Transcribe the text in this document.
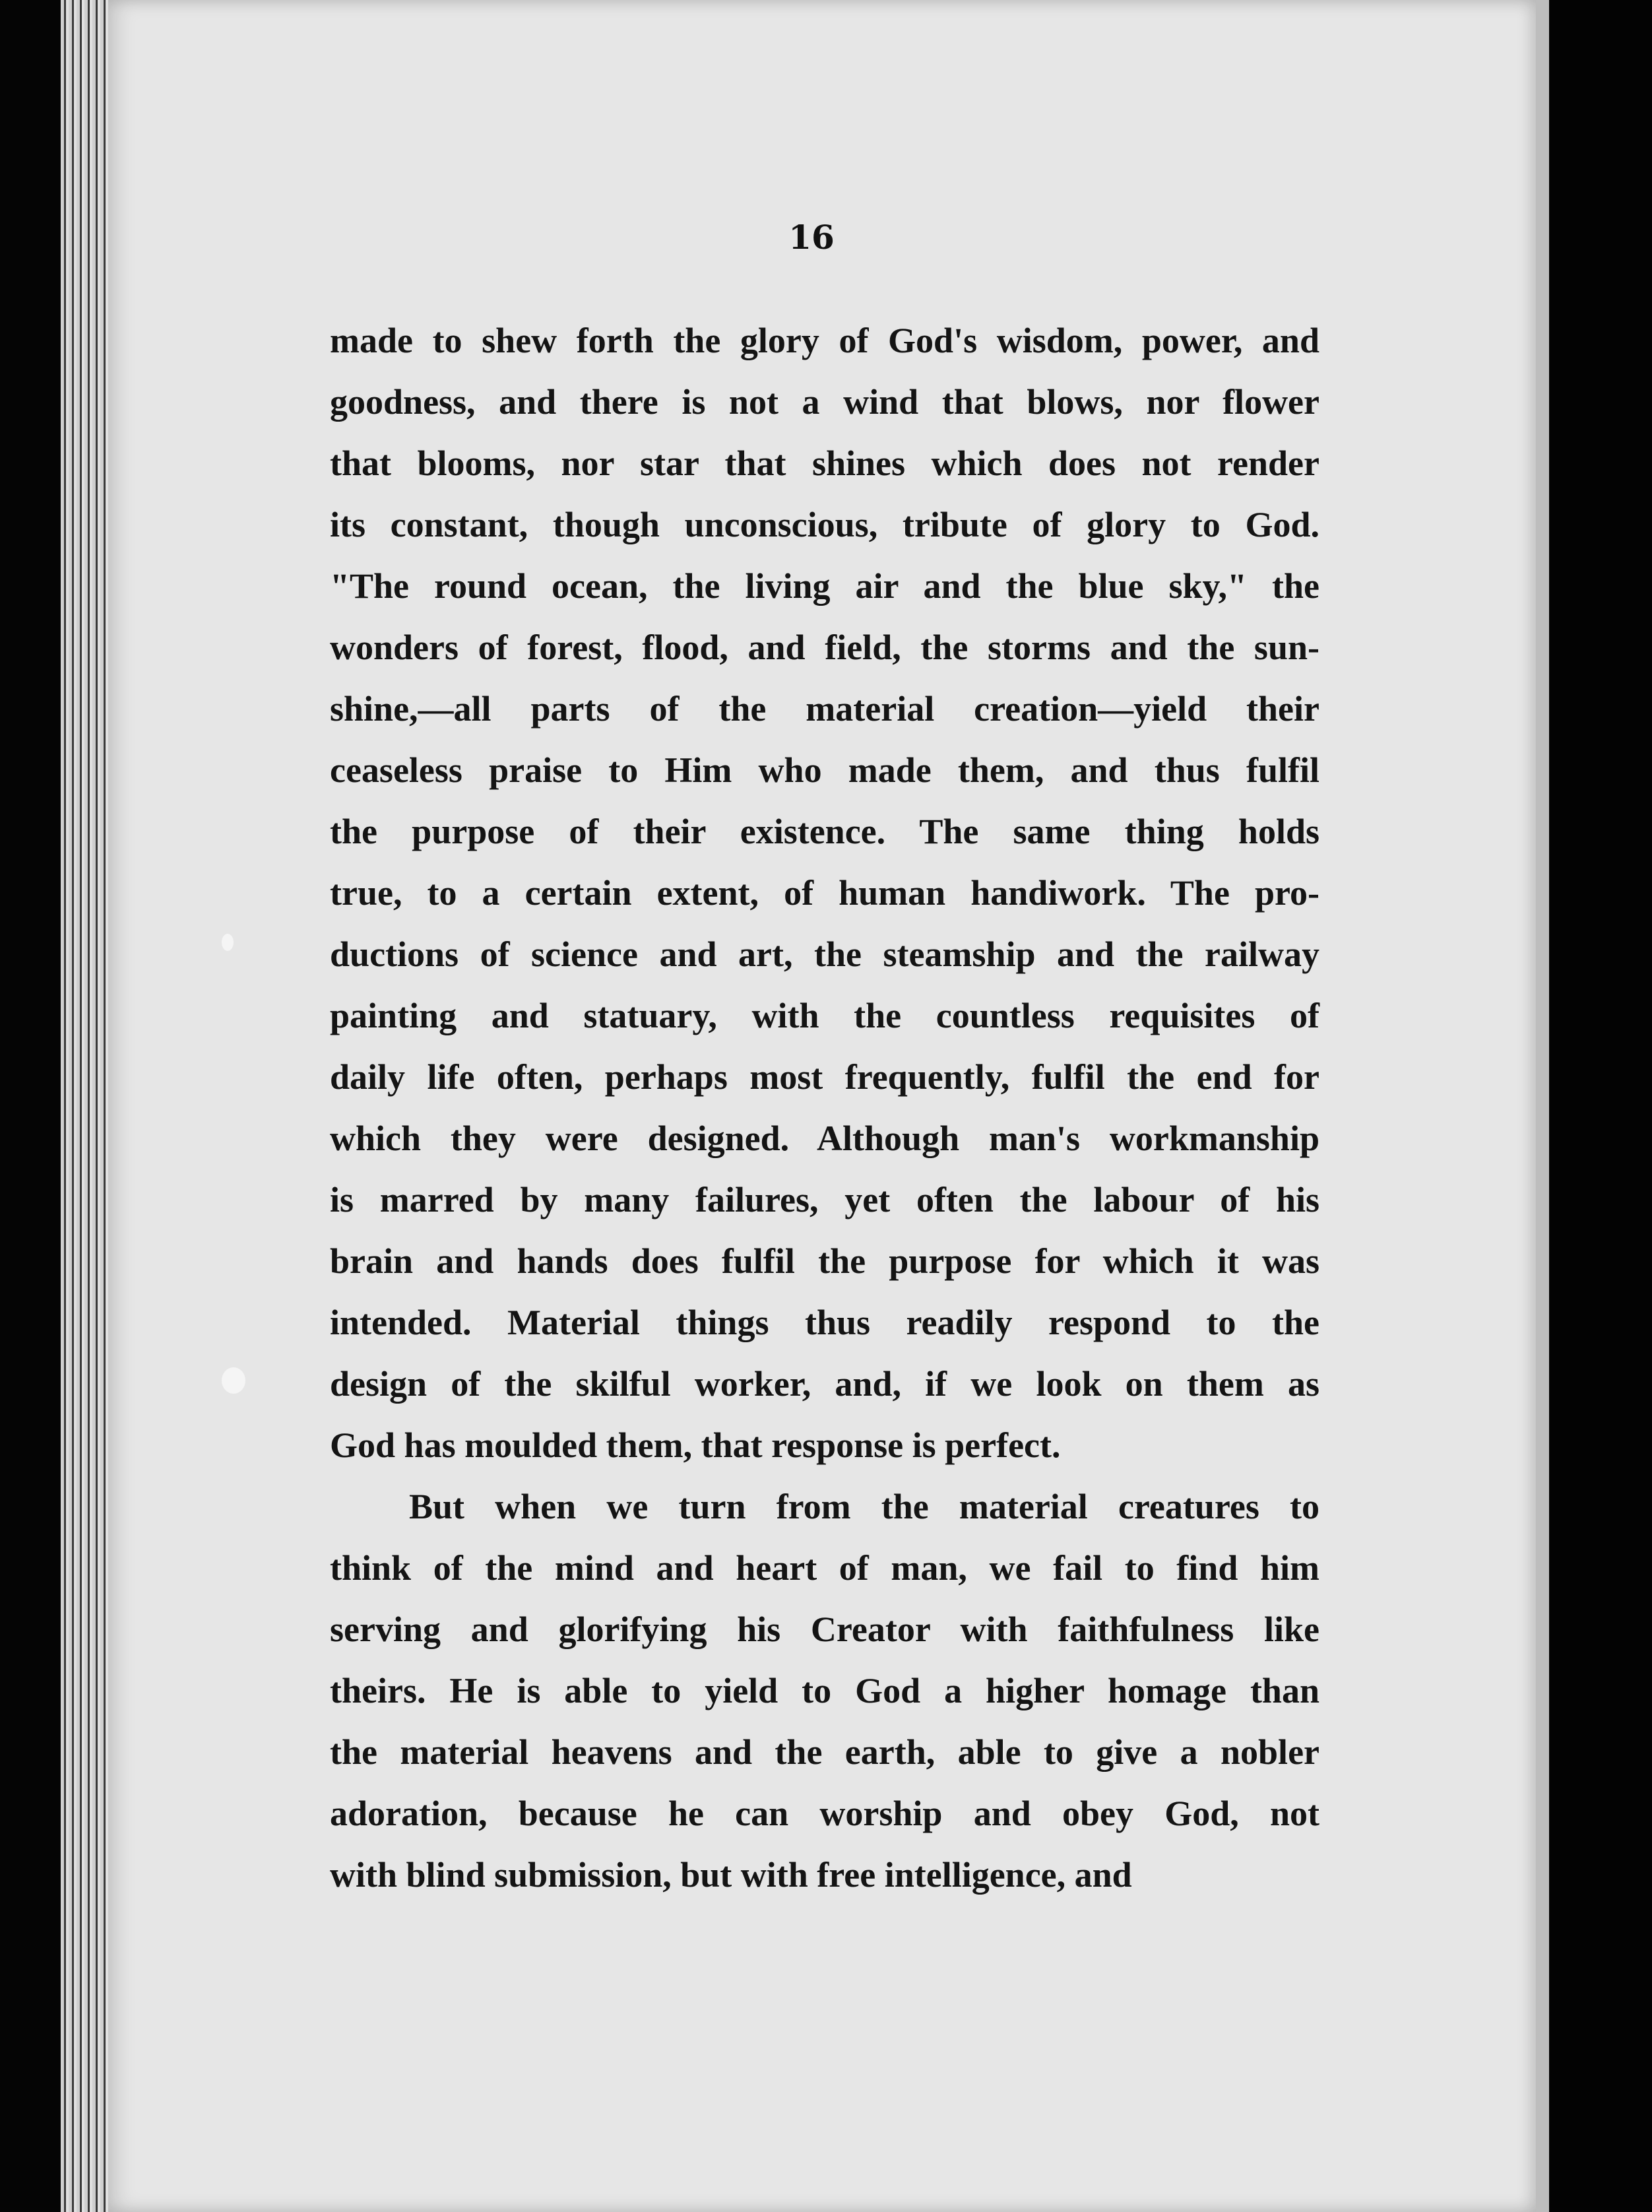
16
made to shew forth the glory of God's wisdom, power, and
goodness, and there is not a wind that blows, nor flower
that blooms, nor star that shines which does not render
its constant, though unconscious, tribute of glory to God.
"The round ocean, the living air and the blue sky," the
wonders of forest, flood, and field, the storms and the sun-
shine,—all parts of the material creation—yield their
ceaseless praise to Him who made them, and thus fulfil
the purpose of their existence. The same thing holds
true, to a certain extent, of human handiwork. The pro-
ductions of science and art, the steamship and the railway
painting and statuary, with the countless requisites of
daily life often, perhaps most frequently, fulfil the end for
which they were designed. Although man's workmanship
is marred by many failures, yet often the labour of his
brain and hands does fulfil the purpose for which it was
intended. Material things thus readily respond to the
design of the skilful worker, and, if we look on them as
God has moulded them, that response is perfect.
But when we turn from the material creatures to
think of the mind and heart of man, we fail to find him
serving and glorifying his Creator with faithfulness like
theirs. He is able to yield to God a higher homage than
the material heavens and the earth, able to give a nobler
adoration, because he can worship and obey God, not
with blind submission, but with free intelligence, and
